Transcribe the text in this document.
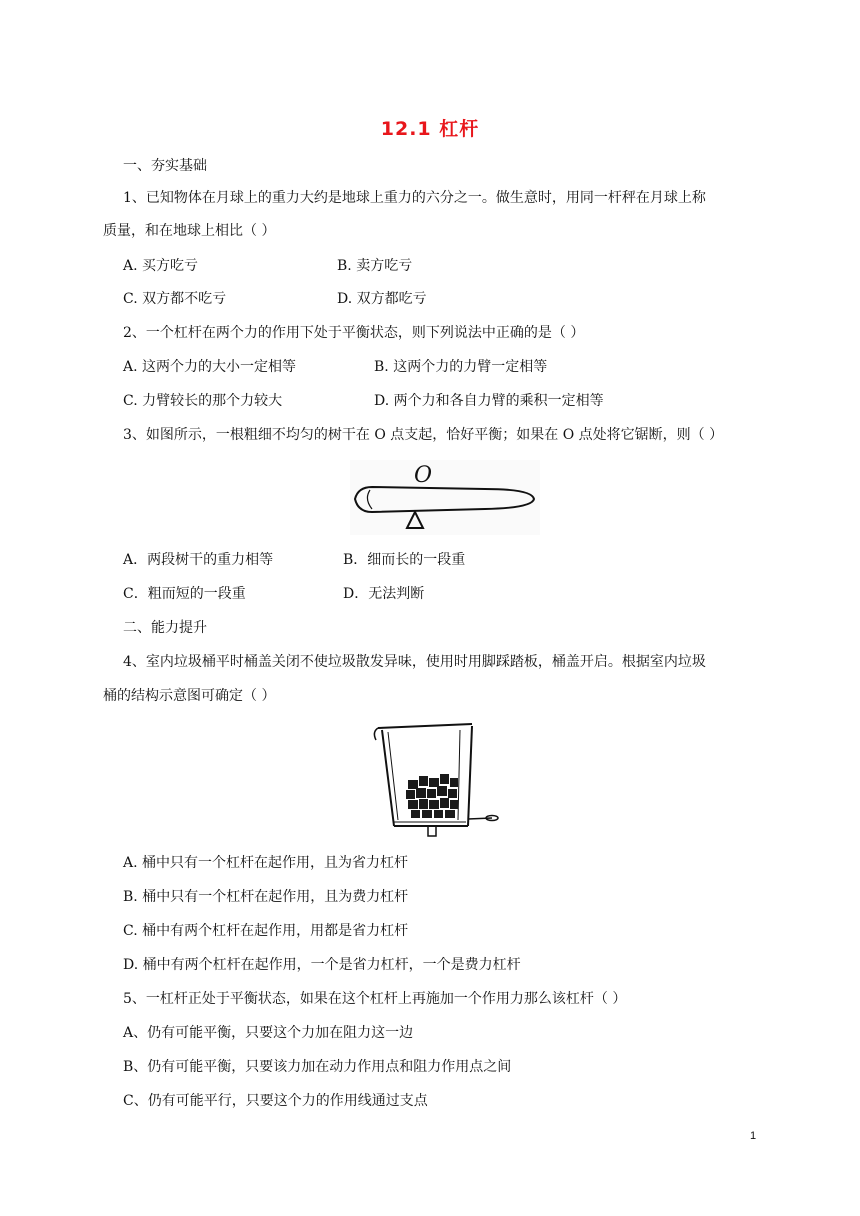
12.1 杠杆
一、夯实基础
1、已知物体在月球上的重力大约是地球上重力的六分之一。做生意时，用同一杆秤在月球上称
质量，和在地球上相比（ ）
A. 买方吃亏	B. 卖方吃亏
C. 双方都不吃亏	D. 双方都吃亏
2、一个杠杆在两个力的作用下处于平衡状态，则下列说法中正确的是（ ）
A. 这两个力的大小一定相等	B. 这两个力的力臂一定相等
C. 力臂较长的那个力较大	D. 两个力和各自力臂的乘积一定相等
3、如图所示，一根粗细不均匀的树干在 O 点支起，恰好平衡；如果在 O 点处将它锯断，则（ ）
O
A．两段树干的重力相等	B．细而长的一段重
C．粗而短的一段重	D．无法判断
二、能力提升
4、室内垃圾桶平时桶盖关闭不使垃圾散发异味，使用时用脚踩踏板，桶盖开启。根据室内垃圾
桶的结构示意图可确定（ ）
A. 桶中只有一个杠杆在起作用，且为省力杠杆
B. 桶中只有一个杠杆在起作用，且为费力杠杆
C. 桶中有两个杠杆在起作用，用都是省力杠杆
D. 桶中有两个杠杆在起作用，一个是省力杠杆，一个是费力杠杆
5、一杠杆正处于平衡状态，如果在这个杠杆上再施加一个作用力那么该杠杆（ ）
A、仍有可能平衡，只要这个力加在阻力这一边
B、仍有可能平衡，只要该力加在动力作用点和阻力作用点之间
C、仍有可能平行，只要这个力的作用线通过支点
1
